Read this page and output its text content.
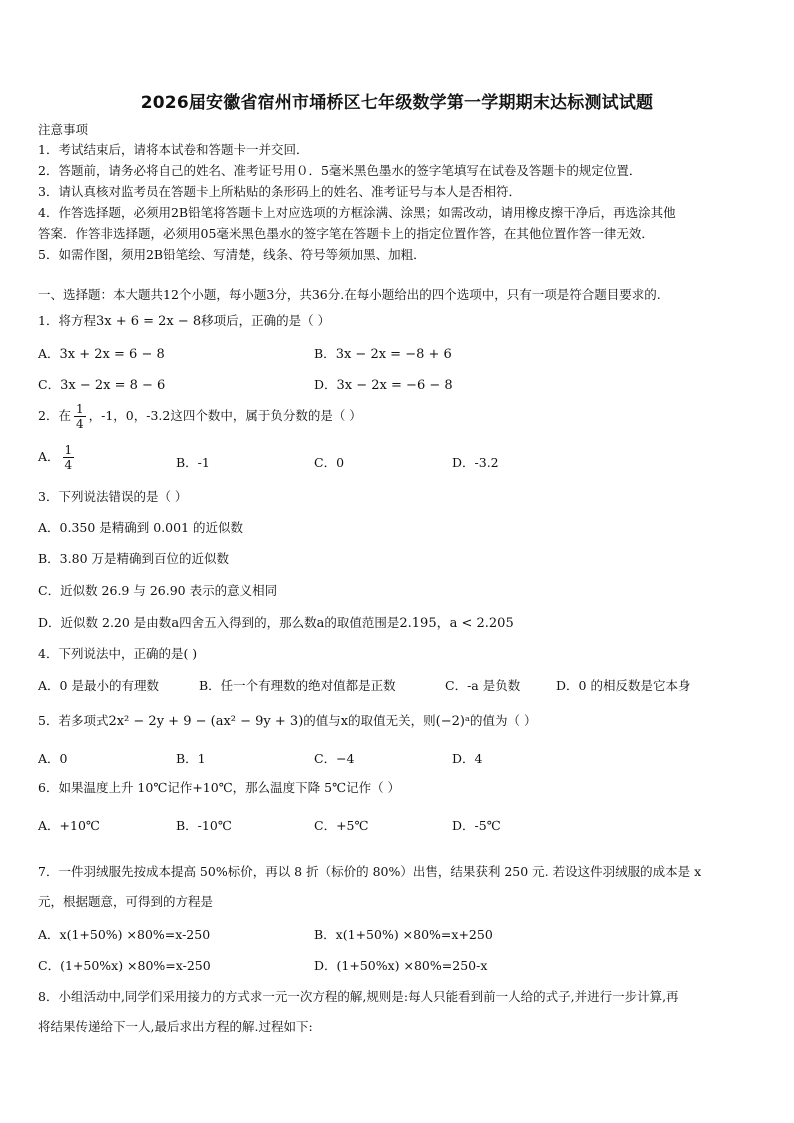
2026届安徽省宿州市埇桥区七年级数学第一学期期末达标测试试题
注意事项
1．考试结束后，请将本试卷和答题卡一并交回．
2．答题前，请务必将自己的姓名、准考证号用０．5毫米黑色墨水的签字笔填写在试卷及答题卡的规定位置．
3．请认真核对监考员在答题卡上所粘贴的条形码上的姓名、准考证号与本人是否相符．
4．作答选择题，必须用2B铅笔将答题卡上对应选项的方框涂满、涂黑；如需改动，请用橡皮擦干净后，再选涂其他
答案．作答非选择题，必须用05毫米黑色墨水的签字笔在答题卡上的指定位置作答，在其他位置作答一律无效．
5．如需作图，须用2B铅笔绘、写清楚，线条、符号等须加黑、加粗．
一、选择题：本大题共12个小题，每小题3分，共36分.在每小题给出的四个选项中，只有一项是符合题目要求的.
1．将方程3x + 6 = 2x − 8移项后，正确的是（ ）
A．3x + 2x = 6 − 8	B．3x − 2x = −8 + 6
C．3x − 2x = 8 − 6	D．3x − 2x = −6 − 8
2．在 $\frac{1}{4}$ ，-1，0，-3.2这四个数中，属于负分数的是（ ）
A． $\frac{1}{4}$	B．-1	C．0	D．-3.2
3．下列说法错误的是（ ）
A．0.350 是精确到 0.001 的近似数
B．3.80 万是精确到百位的近似数
C．近似数 26.9 与 26.90 表示的意义相同
D．近似数 2.20 是由数a四舍五入得到的，那么数a的取值范围是2.195，a < 2.205
4．下列说法中，正确的是( )
A．0 是最小的有理数	B．任一个有理数的绝对值都是正数	C．-a 是负数	D．0 的相反数是它本身
5．若多项式2x² − 2y + 9 − (ax² − 9y + 3)的值与x的取值无关，则(−2)ᵃ的值为（ ）
A．0	B．1	C．−4	D．4
6．如果温度上升 10℃记作+10℃，那么温度下降 5℃记作（ ）
A．+10℃	B．-10℃	C．+5℃	D．-5℃
7．一件羽绒服先按成本提高 50%标价，再以 8 折（标价的 80%）出售，结果获利 250 元. 若设这件羽绒服的成本是 x
元，根据题意，可得到的方程是
A．x(1+50%) ×80%=x-250	B．x(1+50%) ×80%=x+250
C．(1+50%x) ×80%=x-250	D．(1+50%x) ×80%=250-x
8．小组活动中,同学们采用接力的方式求一元一次方程的解,规则是:每人只能看到前一人给的式子,并进行一步计算,再
将结果传递给下一人,最后求出方程的解.过程如下:
